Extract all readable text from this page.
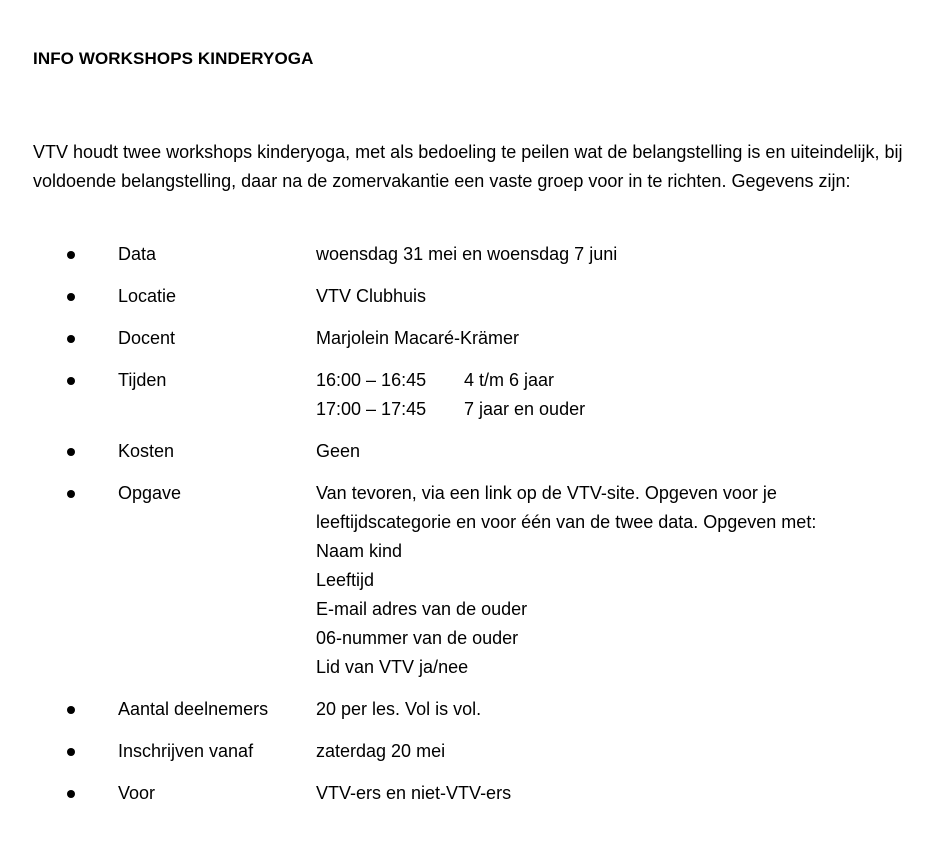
INFO WORKSHOPS KINDERYOGA
VTV houdt twee workshops kinderyoga, met als bedoeling te peilen wat de belangstelling is en uiteindelijk, bij voldoende belangstelling, daar na de zomervakantie een vaste groep voor in te richten. Gegevens zijn:
Data	woensdag 31 mei en woensdag 7 juni
Locatie	VTV Clubhuis
Docent	Marjolein Macaré-Krämer
Tijden	16:00 – 16:45 4 t/m 6 jaar
17:00 – 17:45 7 jaar en ouder
Kosten	Geen
Opgave	Van tevoren, via een link op de VTV-site. Opgeven voor je
leeftijdscategorie en voor één van de twee data. Opgeven met:
Naam kind
Leeftijd
E-mail adres van de ouder
06-nummer van de ouder
Lid van VTV ja/nee
Aantal deelnemers	20 per les. Vol is vol.
Inschrijven vanaf	zaterdag 20 mei
Voor	VTV-ers en niet-VTV-ers
